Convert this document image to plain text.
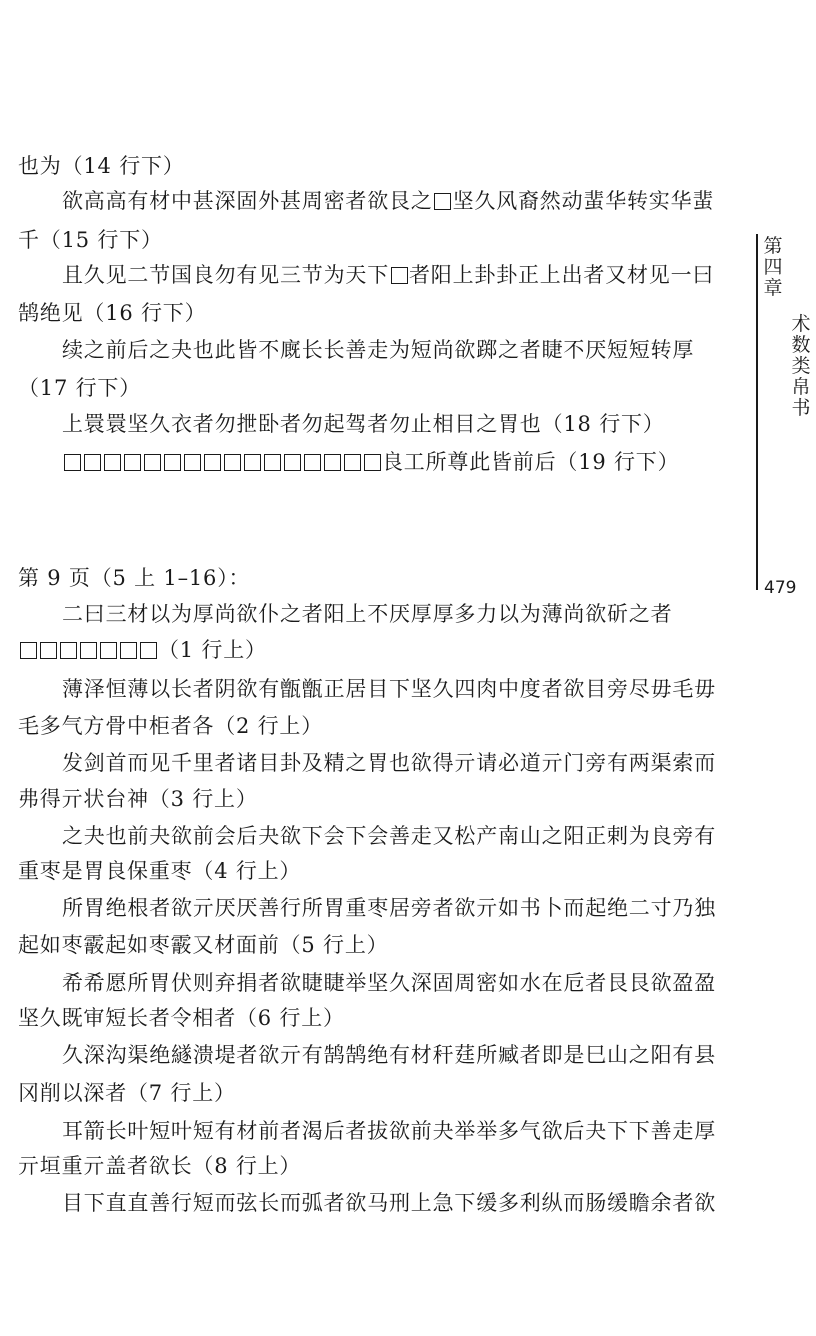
也为（14 行下）
欲高高有材中甚深固外甚周密者欲艮之 坚久风裔然动蜚华转实华蜚
千（15 行下）
且久见二节国良勿有见三节为天下 者阳上卦卦正上出者又材见一曰
鹄绝见（16 行下）
续之前后之夬也此皆不廐长长善走为短尚欲踯之者睫不厌短短转厚
（17 行下）
上睘睘坚久衣者勿抴卧者勿起驾者勿止相目之胃也（18 行下）
良工所尊此皆前后（19 行下）
第 9 页（5 上 1–16）：
二曰三材以为厚尚欲仆之者阳上不厌厚厚多力以为薄尚欲斫之者
（1 行上）
薄泽恒薄以长者阴欲有甑甑正居目下坚久四肉中度者欲目旁尽毋毛毋
毛多气方骨中柜者各（2 行上）
发剑首而见千里者诸目卦及精之胃也欲得亓请必道亓门旁有两渠索而
弗得亓状台神（3 行上）
之夬也前夬欲前会后夬欲下会下会善走又松产南山之阳正剌为良旁有
重枣是胃良保重枣（4 行上）
所胃绝根者欲亓厌厌善行所胃重枣居旁者欲亓如书卜而起绝二寸乃独
起如枣霰起如枣霰又材面前（5 行上）
希希愿所胃伏则弃捐者欲睫睫举坚久深固周密如水在卮者艮艮欲盈盈
坚久既审短长者令相者（6 行上）
久深沟渠绝繸溃堤者欲亓有鹄鹄绝有材秆莛所臧者即是巳山之阳有县
冈削以深者（7 行上）
耳箭长叶短叶短有材前者渴后者拔欲前夬举举多气欲后夬下下善走厚
亓垣重亓盖者欲长（8 行上）
目下直直善行短而弦长而弧者欲马刑上急下缓多利纵而肠缓瞻余者欲
第四章
术数类帛书
479
